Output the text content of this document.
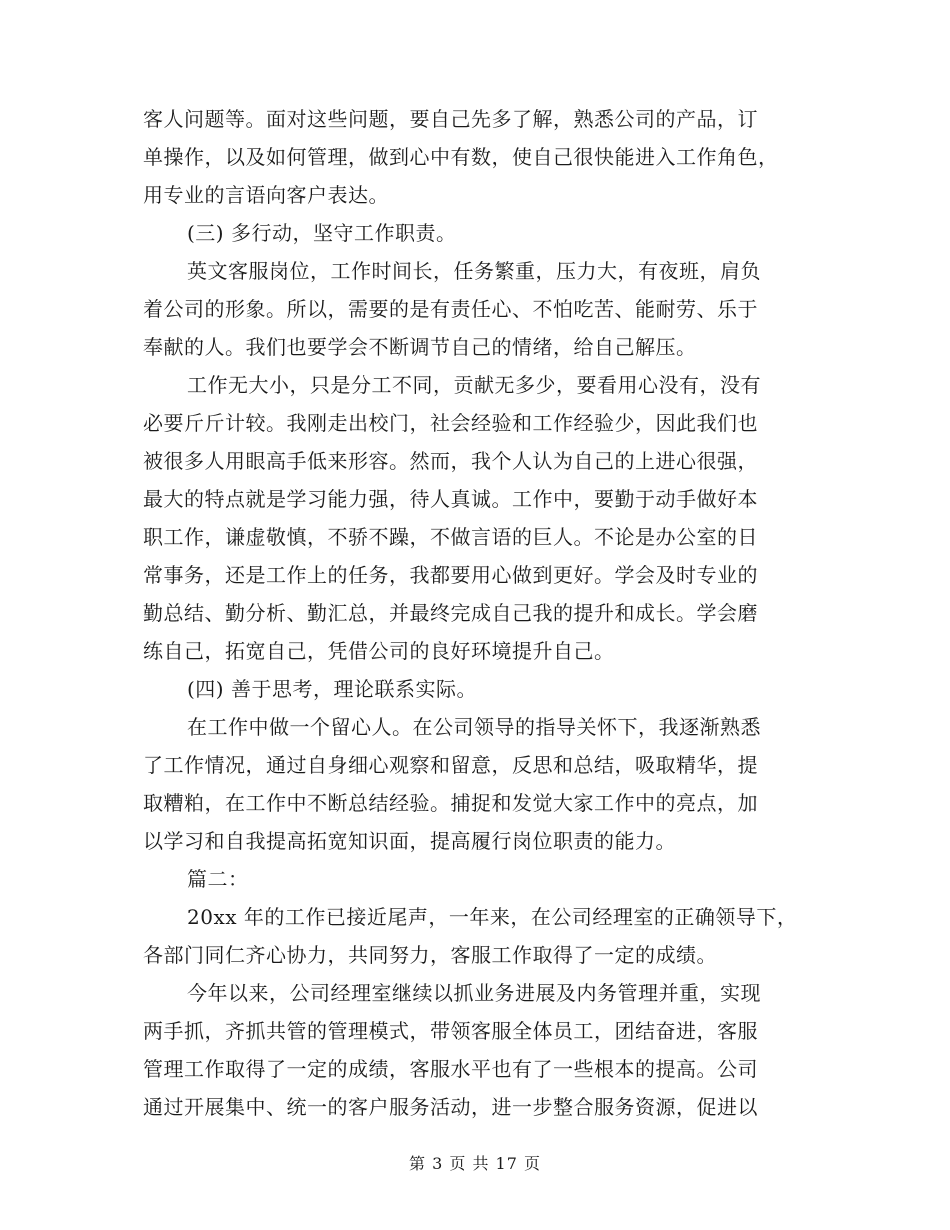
客人问题等。面对这些问题，要自己先多了解，熟悉公司的产品，订
单操作，以及如何管理，做到心中有数，使自己很快能进入工作角色，
用专业的言语向客户表达。
(三) 多行动，坚守工作职责。
英文客服岗位，工作时间长，任务繁重，压力大，有夜班，肩负
着公司的形象。所以，需要的是有责任心、不怕吃苦、能耐劳、乐于
奉献的人。我们也要学会不断调节自己的情绪，给自己解压。
工作无大小，只是分工不同，贡献无多少，要看用心没有，没有
必要斤斤计较。我刚走出校门，社会经验和工作经验少，因此我们也
被很多人用眼高手低来形容。然而，我个人认为自己的上进心很强，
最大的特点就是学习能力强，待人真诚。工作中，要勤于动手做好本
职工作，谦虚敬慎，不骄不躁，不做言语的巨人。不论是办公室的日
常事务，还是工作上的任务，我都要用心做到更好。学会及时专业的
勤总结、勤分析、勤汇总，并最终完成自己我的提升和成长。学会磨
练自己，拓宽自己，凭借公司的良好环境提升自己。
(四) 善于思考，理论联系实际。
在工作中做一个留心人。在公司领导的指导关怀下，我逐渐熟悉
了工作情况，通过自身细心观察和留意，反思和总结，吸取精华，提
取糟粕，在工作中不断总结经验。捕捉和发觉大家工作中的亮点，加
以学习和自我提高拓宽知识面，提高履行岗位职责的能力。
篇二：
20xx 年的工作已接近尾声，一年来，在公司经理室的正确领导下，
各部门同仁齐心协力，共同努力，客服工作取得了一定的成绩。
今年以来，公司经理室继续以抓业务进展及内务管理并重，实现
两手抓，齐抓共管的管理模式，带领客服全体员工，团结奋进，客服
管理工作取得了一定的成绩，客服水平也有了一些根本的提高。公司
通过开展集中、统一的客户服务活动，进一步整合服务资源，促进以
第 3 页 共 17 页
